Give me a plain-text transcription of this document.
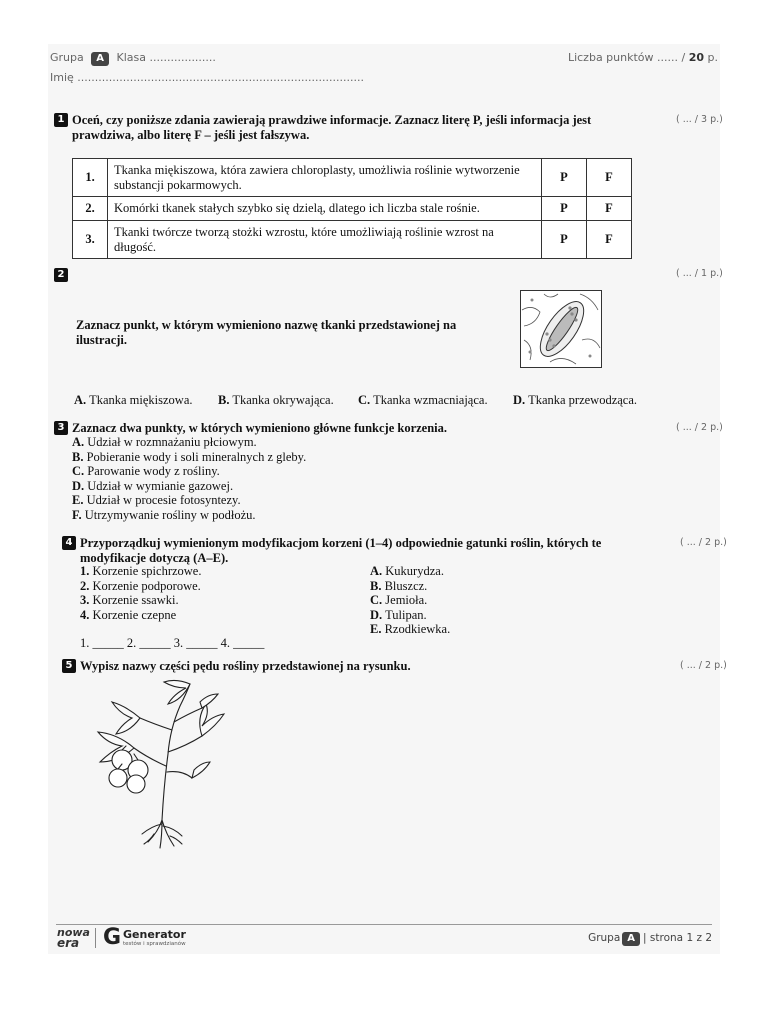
Grupa A Klasa ...................
Imię ..................................................................................
Liczba punktów ...... / 20 p.
1 Oceń, czy poniższe zdania zawierają prawdziwe informacje. Zaznacz literę P, jeśli informacja jest prawdziwa, albo literę F – jeśli jest fałszywa.
( ... / 3 p.)
1.	Tkanka miękiszowa, która zawiera chloroplasty, umożliwia roślinie wytworzenie substancji pokarmowych.	P	F
2.	Komórki tkanek stałych szybko się dzielą, dlatego ich liczba stale rośnie.	P	F
3.	Tkanki twórcze tworzą stożki wzrostu, które umożliwiają roślinie wzrost na długość.	P	F
2	( ... / 1 p.)
Zaznacz punkt, w którym wymieniono nazwę tkanki przedstawionej na ilustracji.
A. Tkanka miękiszowa. B. Tkanka okrywająca. C. Tkanka wzmacniająca. D. Tkanka przewodząca.
3 Zaznacz dwa punkty, w których wymieniono główne funkcje korzenia.	( ... / 2 p.)
A. Udział w rozmnażaniu płciowym.
B. Pobieranie wody i soli mineralnych z gleby.
C. Parowanie wody z rośliny.
D. Udział w wymianie gazowej.
E. Udział w procesie fotosyntezy.
F. Utrzymywanie rośliny w podłożu.
4 Przyporządkuj wymienionym modyfikacjom korzeni (1–4) odpowiednie gatunki roślin, których te modyfikacje dotyczą (A–E).
( ... / 2 p.)
1. Korzenie spichrzowe.
2. Korzenie podporowe.
3. Korzenie ssawki.
4. Korzenie czepne
A. Kukurydza.
B. Bluszcz.
C. Jemioła.
D. Tulipan.
E. Rzodkiewka.
1. _____ 2. _____ 3. _____ 4. _____
5 Wypisz nazwy części pędu rośliny przedstawionej na rysunku.	( ... / 2 p.)
nowa
era	G Generator
testów i sprawdzianów	Grupa A | strona 1 z 2
